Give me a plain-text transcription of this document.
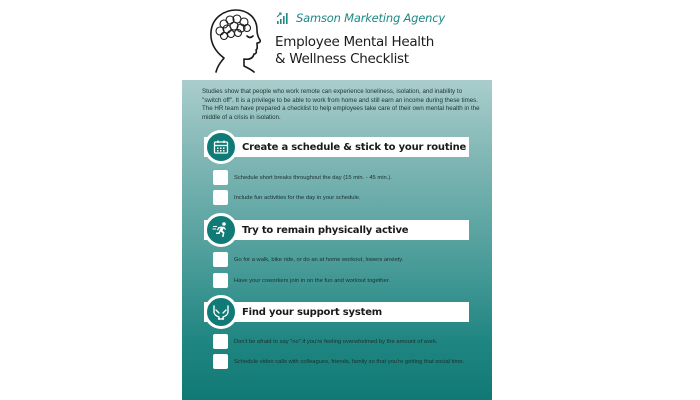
Samson Marketing Agency
Employee Mental Health
& Wellness Checklist

Studies show that people who work remote can experience loneliness, isolation, and inability to "switch off". It is a privilege to be able to work from home and still earn an income during these times. The HR team have prepared a checklist to help employees take care of their own mental health in the middle of a crisis in isolation.

Create a schedule & stick to your routine
Schedule short breaks throughout the day (15 min. - 45 min.).
Include fun activities for the day in your schedule.
Try to remain physically active
Go for a walk, bike ride, or do an at home workout, lowers anxiety.
Have your coworkers join in on the fun and workout together.
Find your support system
Don't be afraid to say "no" if you're feeling overwhelmed by the amount of work.
Schedule video calls with colleagues, friends, family so that you're getting that social time.
